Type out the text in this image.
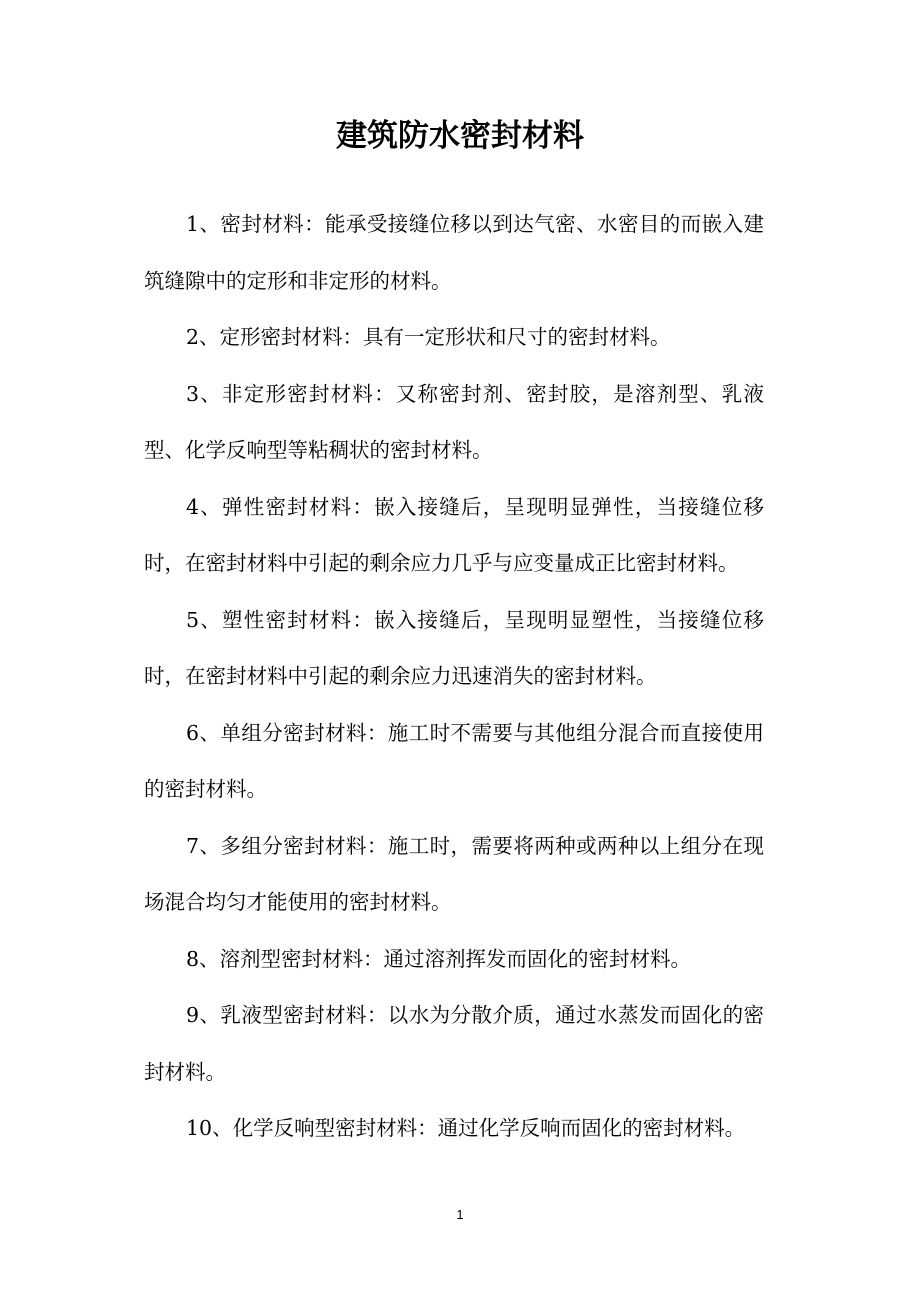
建筑防水密封材料

1、密封材料：能承受接缝位移以到达气密、水密目的而嵌入建筑缝隙中的定形和非定形的材料。

2、定形密封材料：具有一定形状和尺寸的密封材料。

3、非定形密封材料：又称密封剂、密封胶，是溶剂型、乳液型、化学反响型等粘稠状的密封材料。

4、弹性密封材料：嵌入接缝后，呈现明显弹性，当接缝位移时，在密封材料中引起的剩余应力几乎与应变量成正比密封材料。

5、塑性密封材料：嵌入接缝后，呈现明显塑性，当接缝位移时，在密封材料中引起的剩余应力迅速消失的密封材料。

6、单组分密封材料：施工时不需要与其他组分混合而直接使用的密封材料。

7、多组分密封材料：施工时，需要将两种或两种以上组分在现场混合均匀才能使用的密封材料。

8、溶剂型密封材料：通过溶剂挥发而固化的密封材料。

9、乳液型密封材料：以水为分散介质，通过水蒸发而固化的密封材料。

10、化学反响型密封材料：通过化学反响而固化的密封材料。

1
